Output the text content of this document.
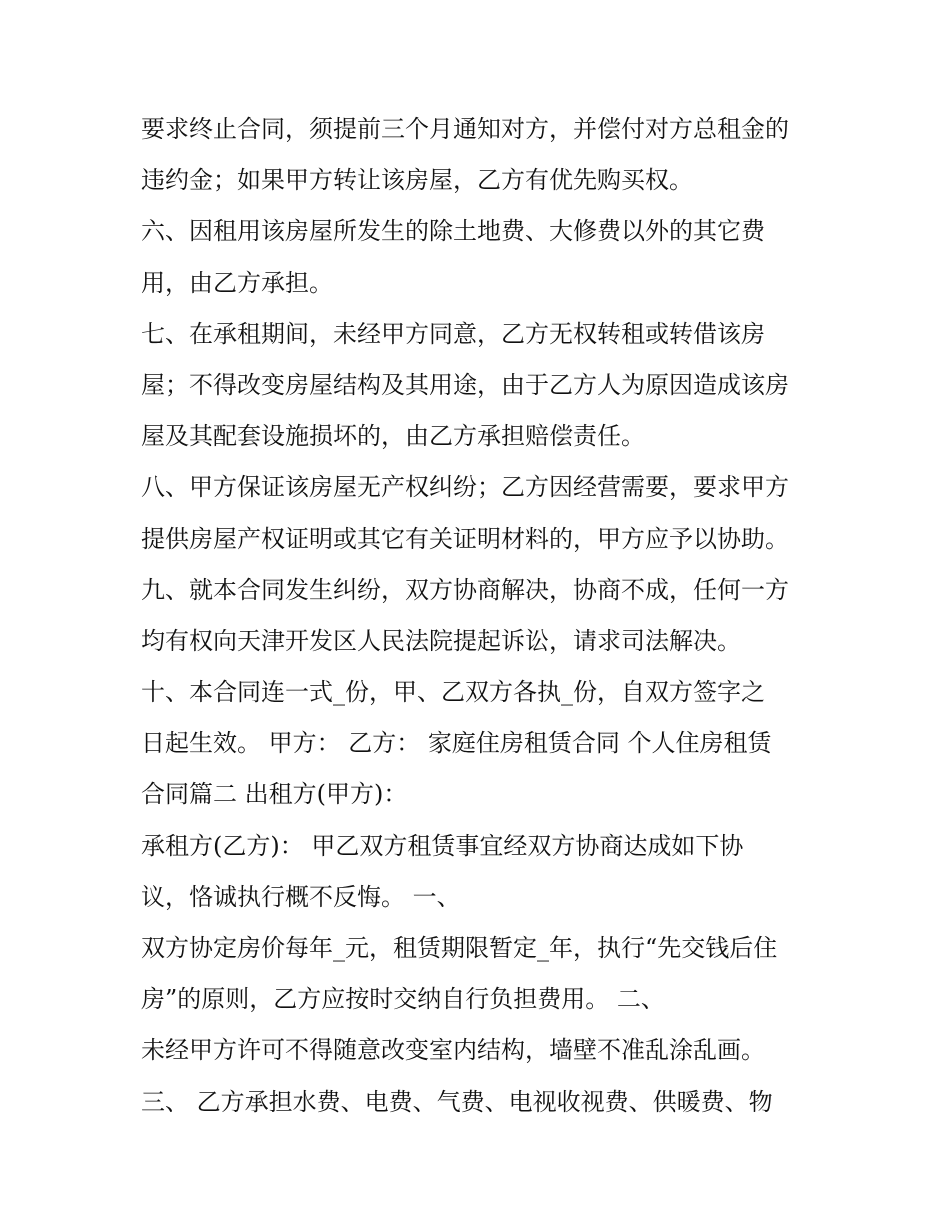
要求终止合同，须提前三个月通知对方，并偿付对方总租金的
违约金；如果甲方转让该房屋，乙方有优先购买权。
六、因租用该房屋所发生的除土地费、大修费以外的其它费
用，由乙方承担。
七、在承租期间，未经甲方同意，乙方无权转租或转借该房
屋；不得改变房屋结构及其用途，由于乙方人为原因造成该房
屋及其配套设施损坏的，由乙方承担赔偿责任。
八、甲方保证该房屋无产权纠纷；乙方因经营需要，要求甲方
提供房屋产权证明或其它有关证明材料的，甲方应予以协助。
九、就本合同发生纠纷，双方协商解决，协商不成，任何一方
均有权向天津开发区人民法院提起诉讼，请求司法解决。
十、本合同连一式_份，甲、乙双方各执_份，自双方签字之
日起生效。 甲方： 乙方： 家庭住房租赁合同 个人住房租赁
合同篇二 出租方(甲方)：
承租方(乙方)： 甲乙双方租赁事宜经双方协商达成如下协
议，恪诚执行概不反悔。 一、
双方协定房价每年_元，租赁期限暂定_年，执行“先交钱后住
房”的原则，乙方应按时交纳自行负担费用。 二、
未经甲方许可不得随意改变室内结构，墙壁不准乱涂乱画。
三、 乙方承担水费、电费、气费、电视收视费、供暖费、物
